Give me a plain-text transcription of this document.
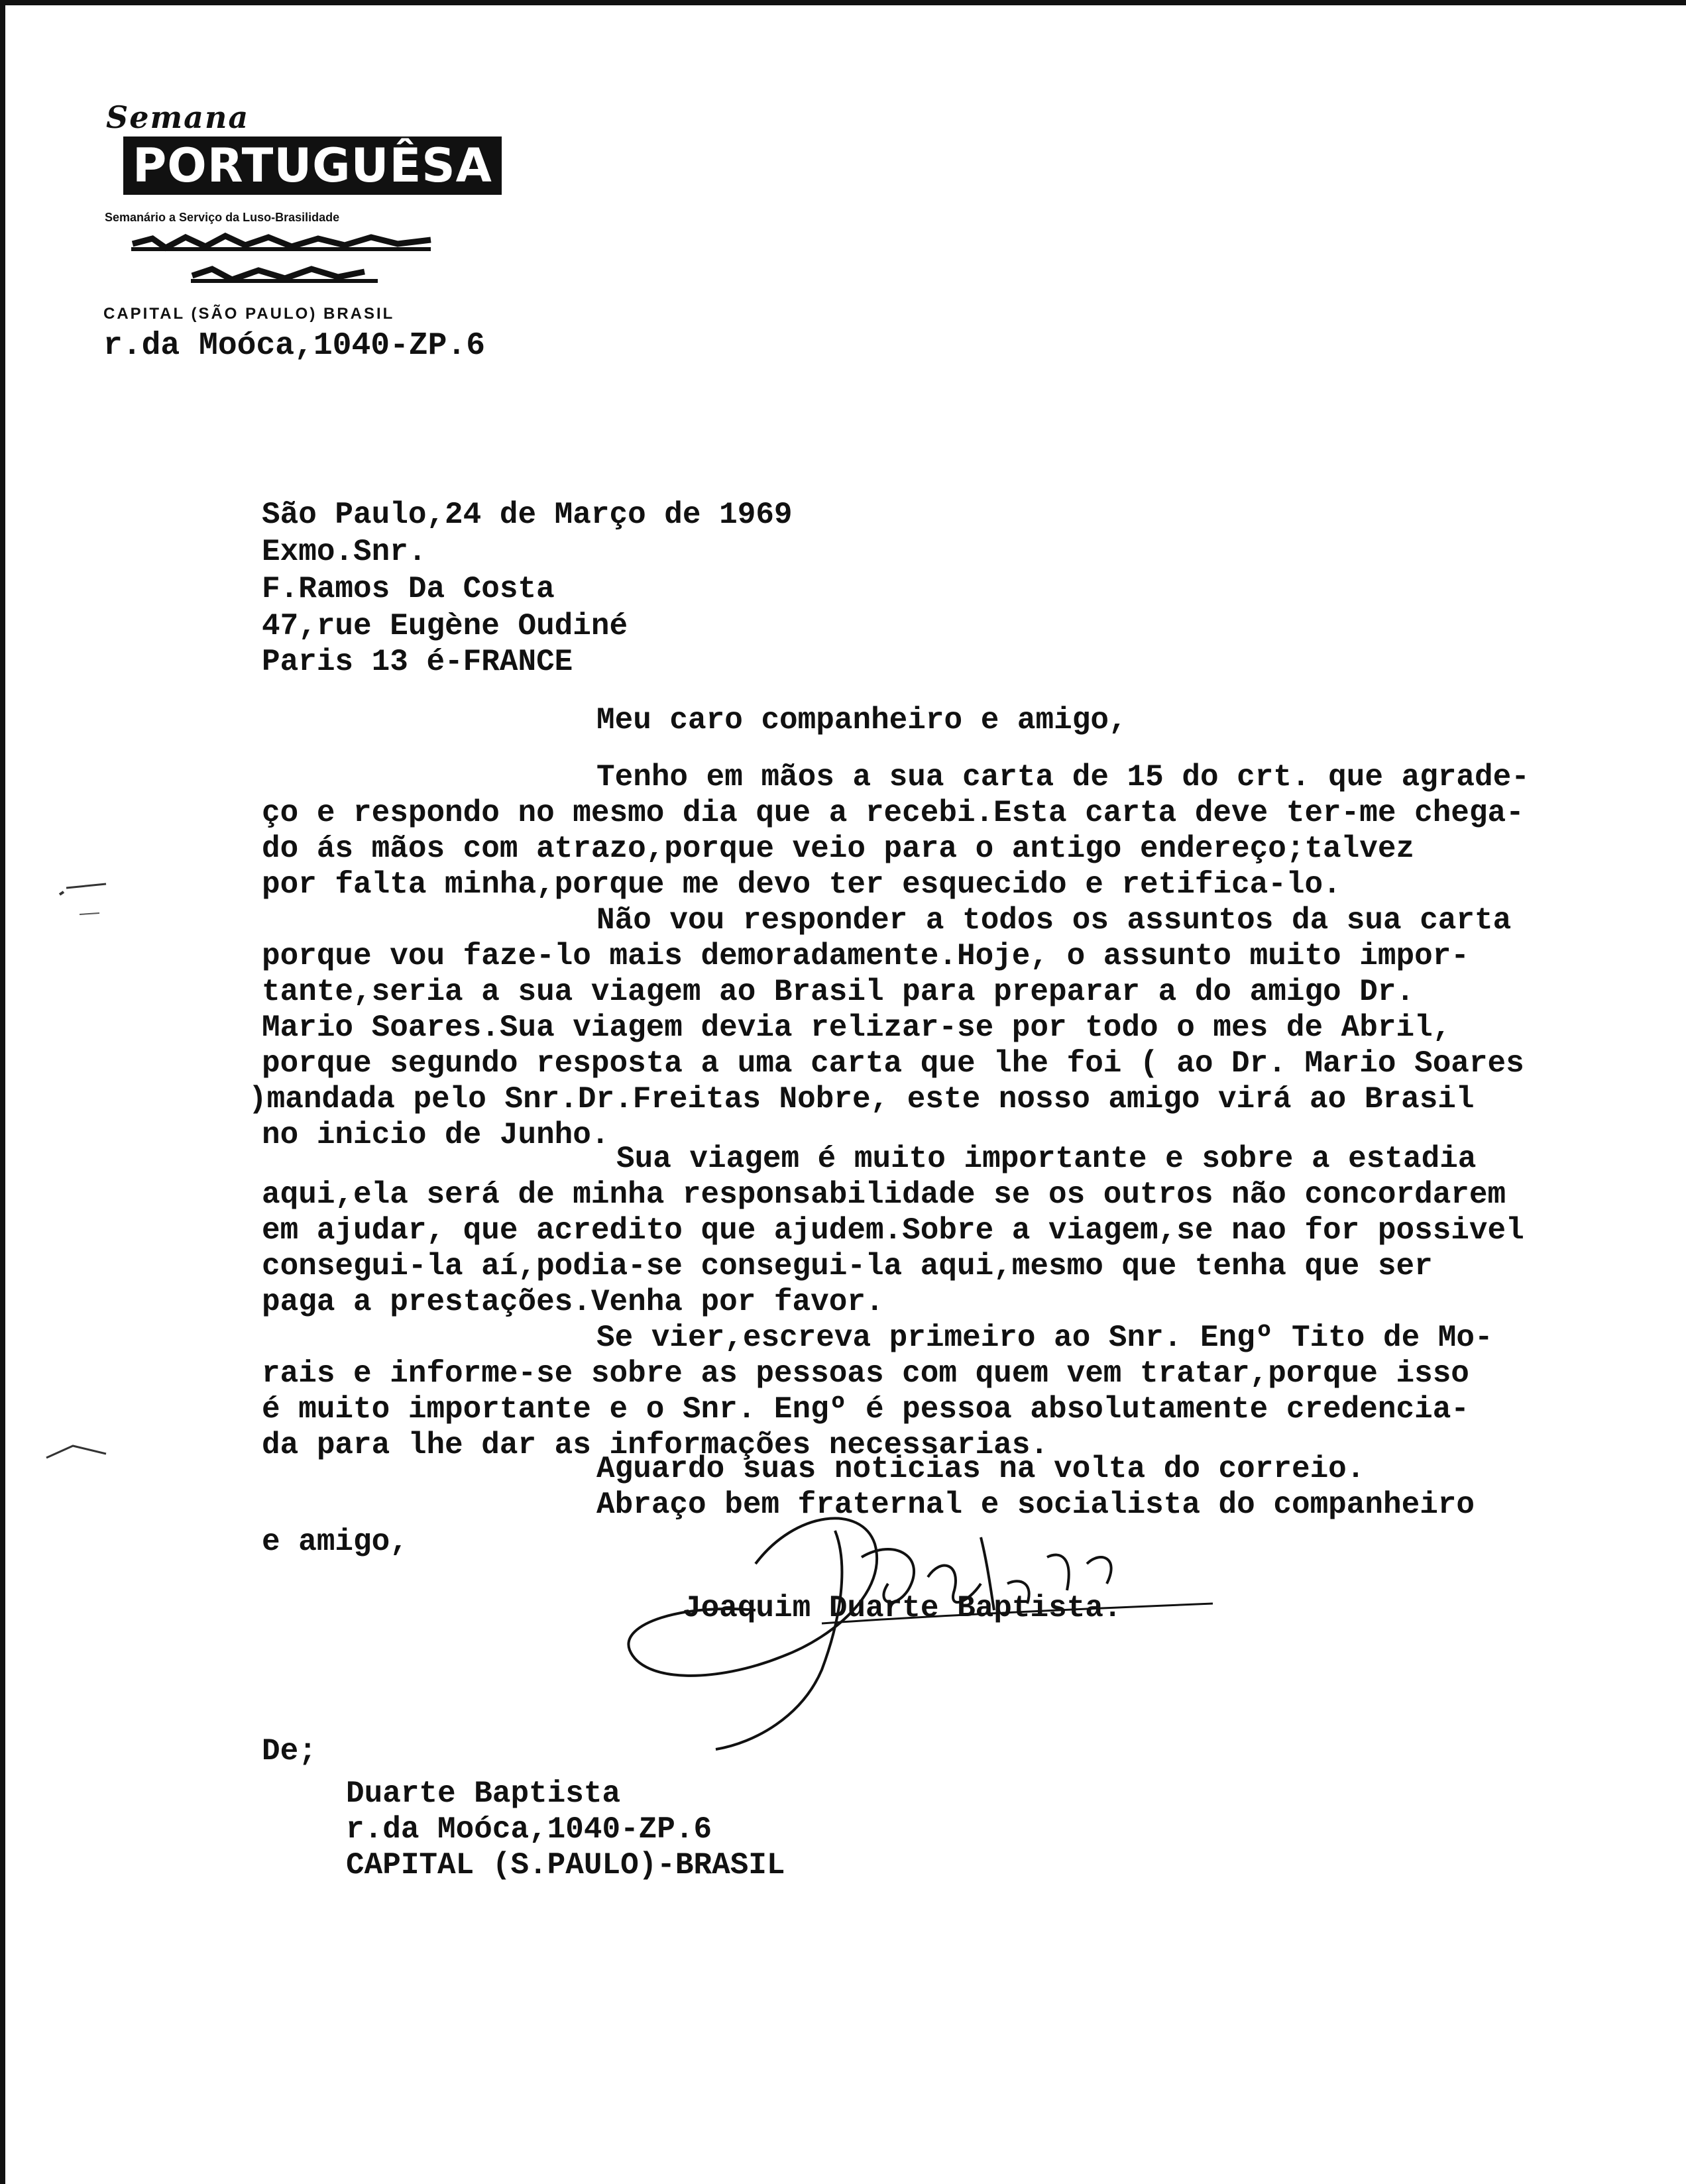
Semana
PORTUGUÊSA
Semanário a Serviço da Luso-Brasilidade
CAPITAL (SÃO PAULO) BRASIL
r.da Moóca,1040-ZP.6
São Paulo,24 de Março de 1969
Exmo.Snr.
F.Ramos Da Costa
47,rue Eugène Oudiné
Paris 13 é-FRANCE
Meu caro companheiro e amigo,
Tenho em mãos a sua carta de 15 do crt. que agrade-
ço e respondo no mesmo dia que a recebi.Esta carta deve ter-me chega-
do ás mãos com atrazo,porque veio para o antigo endereço;talvez
por falta minha,porque me devo ter esquecido e retifica-lo.
Não vou responder a todos os assuntos da sua carta
porque vou faze-lo mais demoradamente.Hoje, o assunto muito impor-
tante,seria a sua viagem ao Brasil para preparar a do amigo Dr.
Mario Soares.Sua viagem devia relizar-se por todo o mes de Abril,
porque segundo resposta a uma carta que lhe foi ( ao Dr. Mario Soares
)mandada pelo Snr.Dr.Freitas Nobre, este nosso amigo virá ao Brasil
no inicio de Junho.
Sua viagem é muito importante e sobre a estadia
aqui,ela será de minha responsabilidade se os outros não concordarem
em ajudar, que acredito que ajudem.Sobre a viagem,se nao for possivel
consegui-la aí,podia-se consegui-la aqui,mesmo que tenha que ser
paga a prestações.Venha por favor.
Se vier,escreva primeiro ao Snr. Engº Tito de Mo-
rais e informe-se sobre as pessoas com quem vem tratar,porque isso
é muito importante e o Snr. Engº é pessoa absolutamente credencia-
da para lhe dar as informações necessarias.
Aguardo suas noticias na volta do correio.
Abraço bem fraternal e socialista do companheiro
e amigo,
Joaquim Duarte Baptista.
De;
Duarte Baptista
r.da Moóca,1040-ZP.6
CAPITAL (S.PAULO)-BRASIL
